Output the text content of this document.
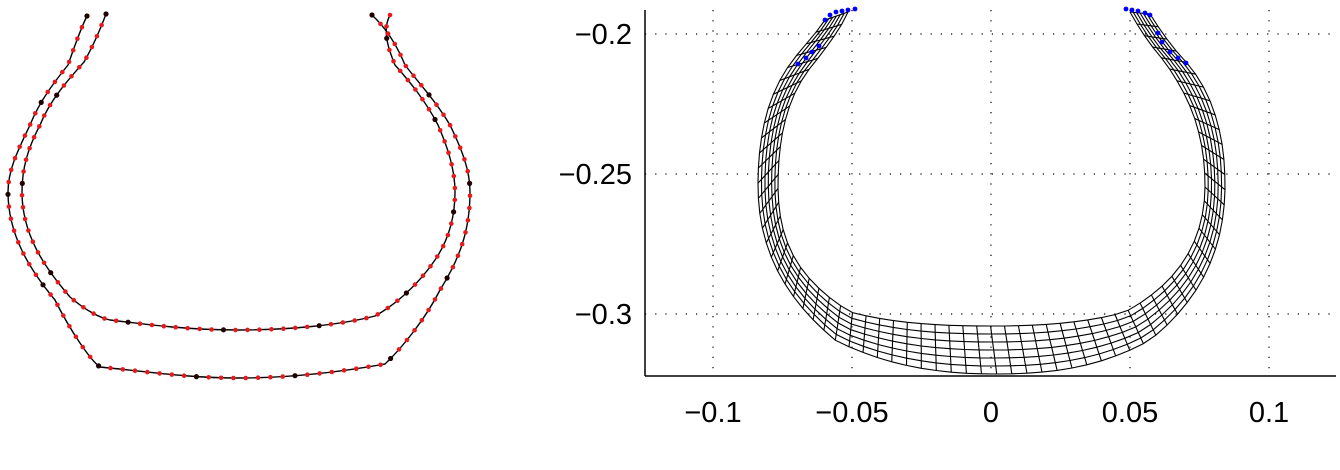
−0.2
−0.25
−0.3
−0.1	−0.05	0	0.05	0.1
